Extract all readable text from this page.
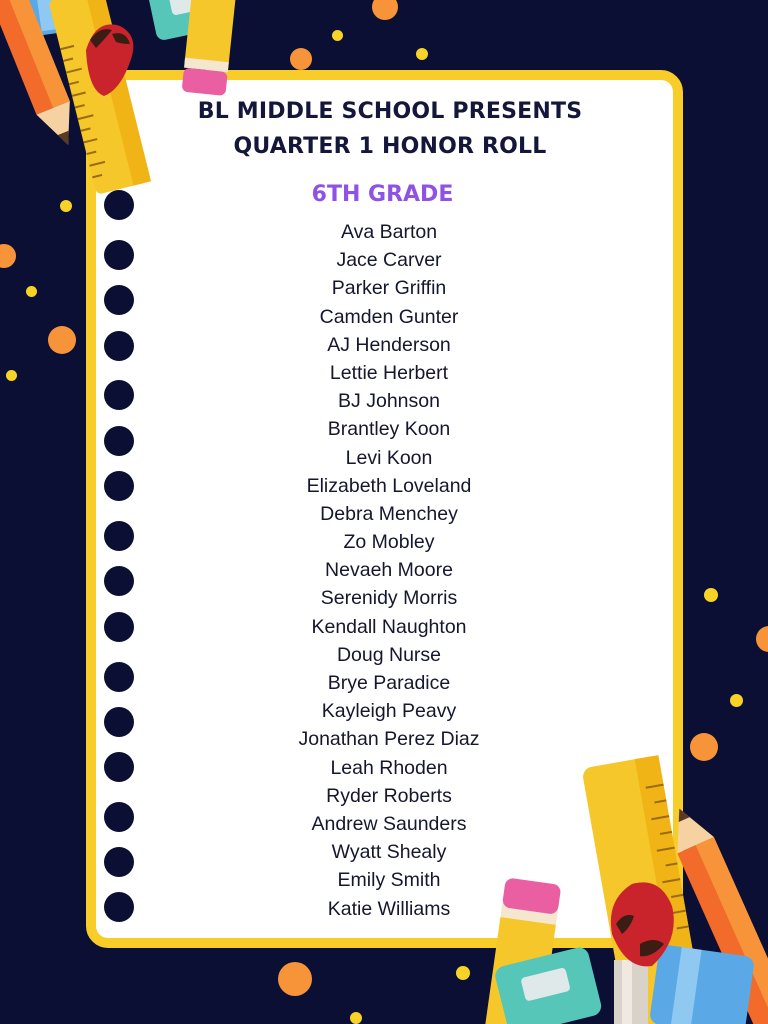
BL MIDDLE SCHOOL PRESENTS
QUARTER 1 HONOR ROLL
6TH GRADE
Ava Barton
Jace Carver
Parker Griffin
Camden Gunter
AJ Henderson
Lettie Herbert
BJ Johnson
Brantley Koon
Levi Koon
Elizabeth Loveland
Debra Menchey
Zo Mobley
Nevaeh Moore
Serenidy Morris
Kendall Naughton
Doug Nurse
Brye Paradice
Kayleigh Peavy
Jonathan Perez Diaz
Leah Rhoden
Ryder Roberts
Andrew Saunders
Wyatt Shealy
Emily Smith
Katie Williams
